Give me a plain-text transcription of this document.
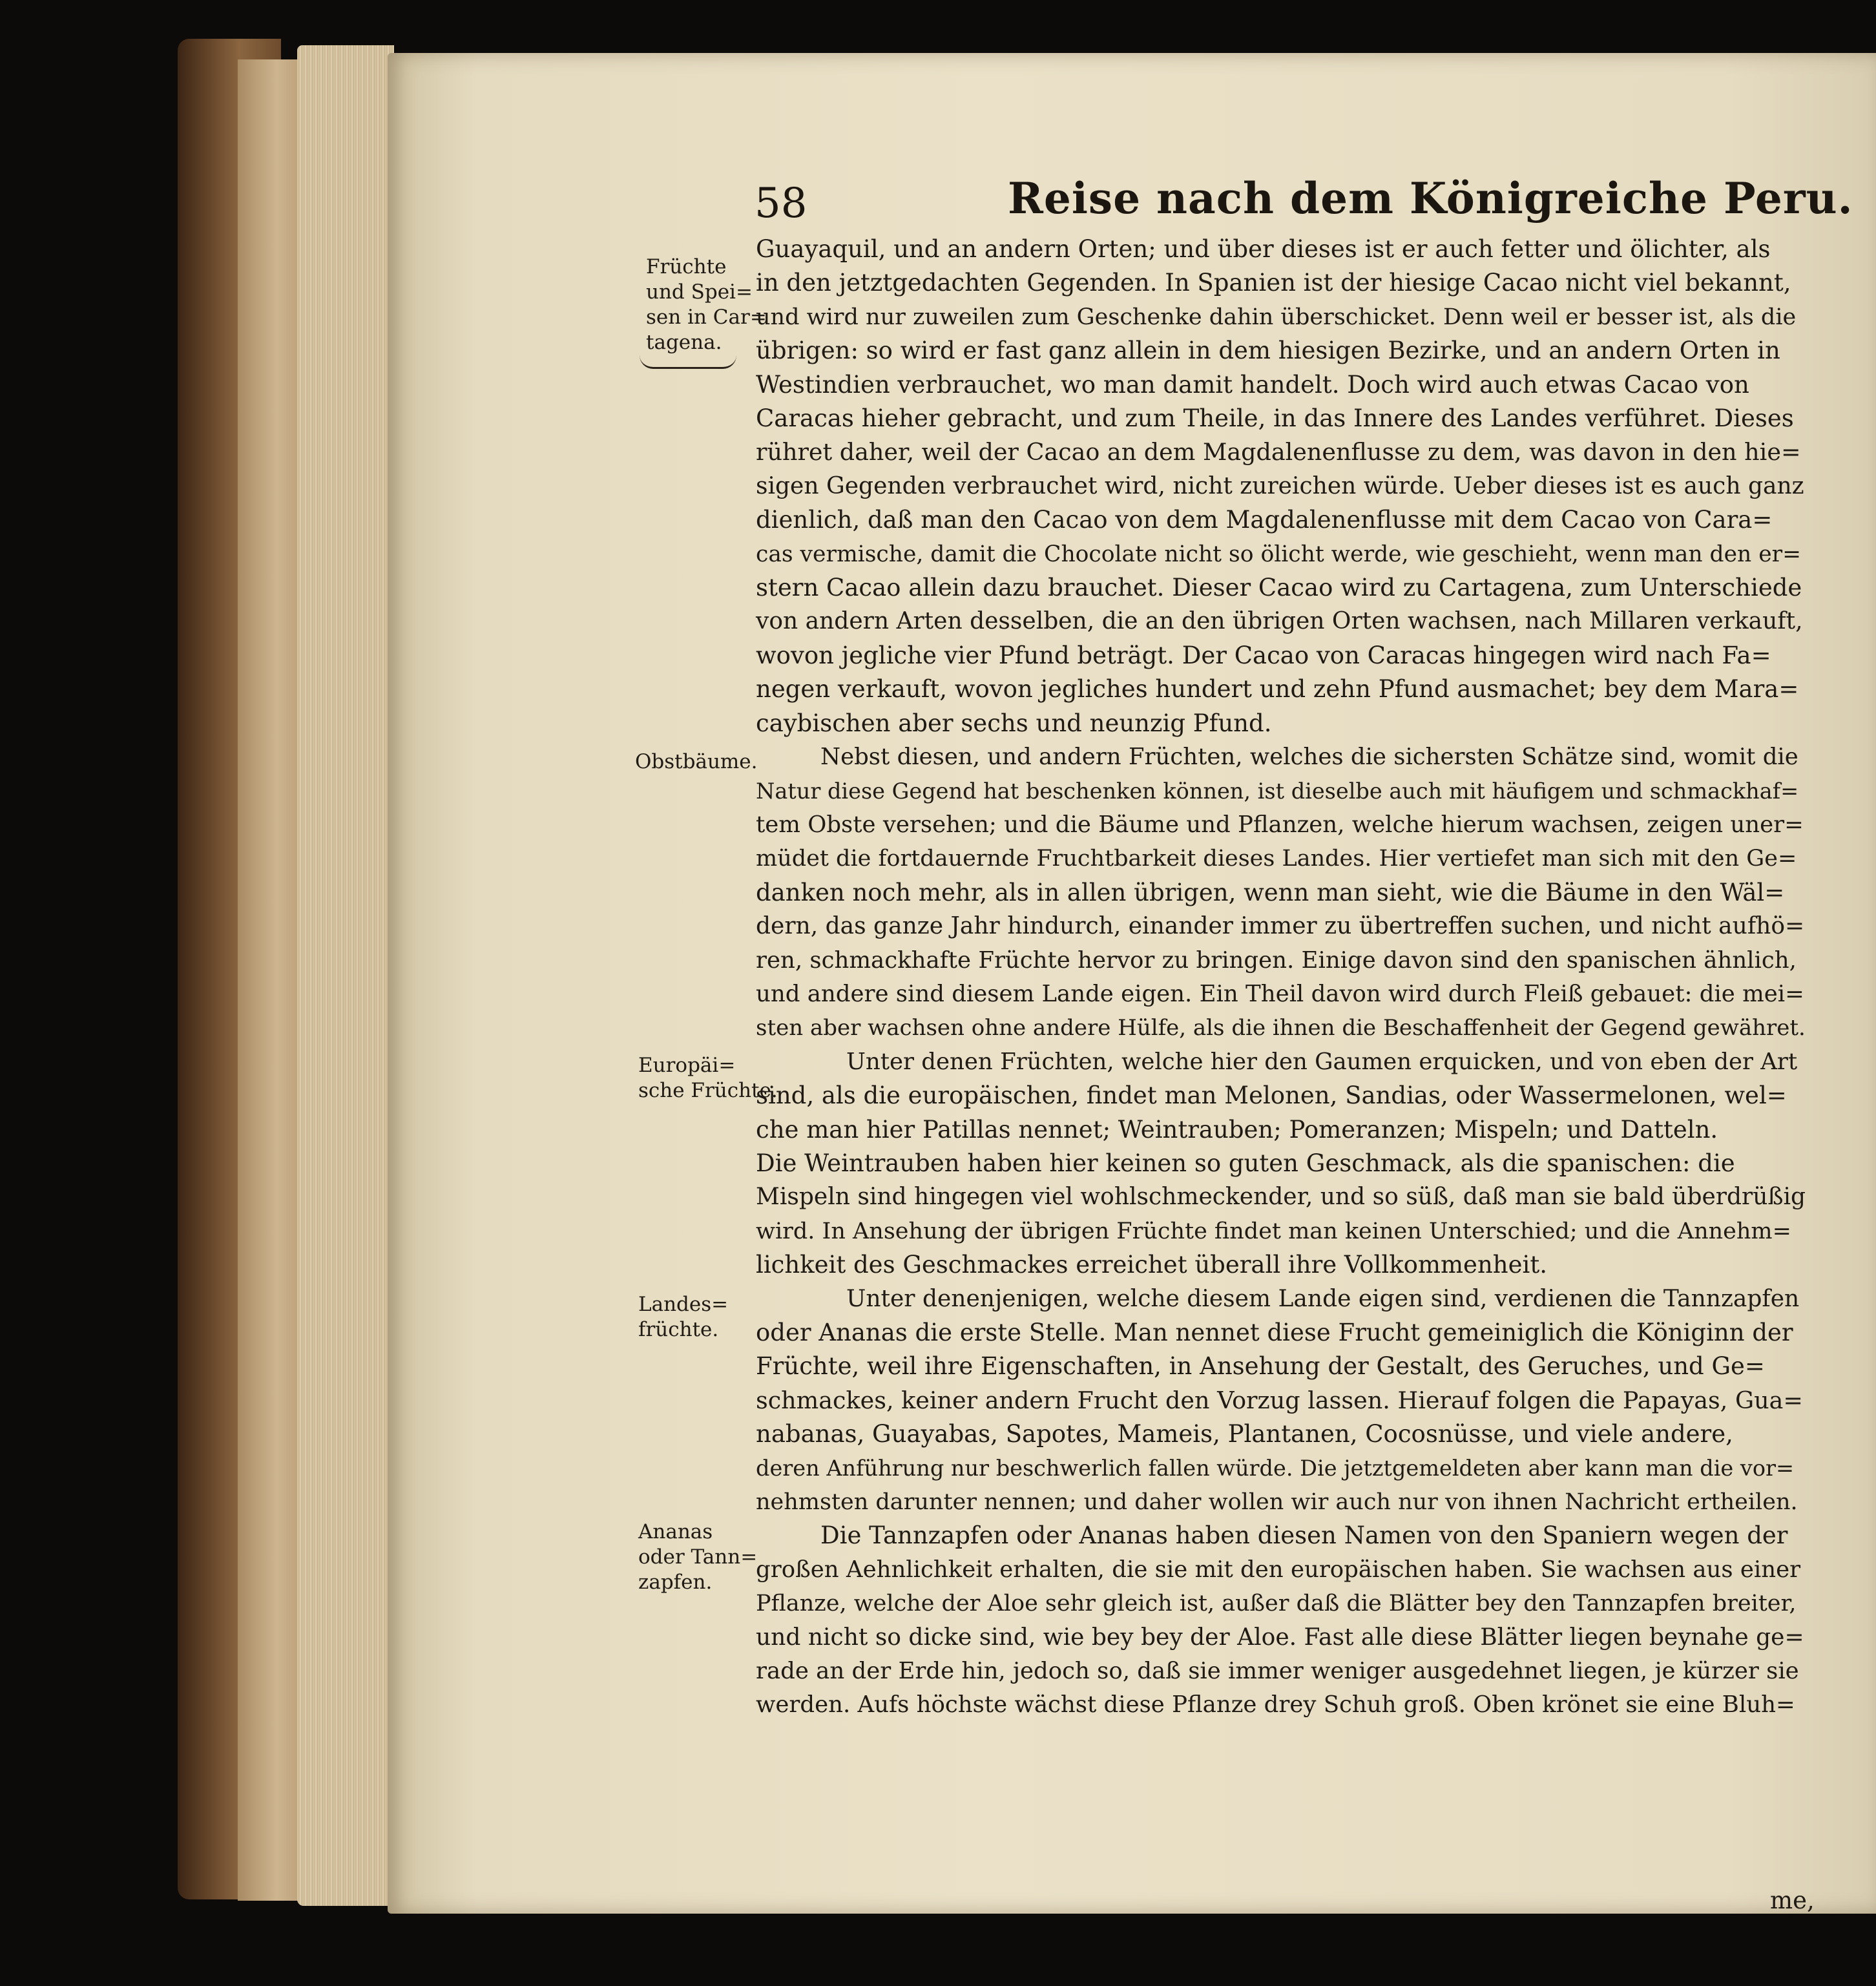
58	Reise nach dem Königreiche Peru.
Früchte
und Spei=
sen in Car=
tagena.
Obstbäume.
Europäi=
sche Früchte.
Landes=
früchte.
Ananas
oder Tann=
zapfen.

Guayaquil, und an andern Orten; und über dieses ist er auch fetter und ölichter, als
in den jetztgedachten Gegenden. In Spanien ist der hiesige Cacao nicht viel bekannt,
und wird nur zuweilen zum Geschenke dahin überschicket. Denn weil er besser ist, als die
übrigen: so wird er fast ganz allein in dem hiesigen Bezirke, und an andern Orten in
Westindien verbrauchet, wo man damit handelt. Doch wird auch etwas Cacao von
Caracas hieher gebracht, und zum Theile, in das Innere des Landes verführet. Dieses
rühret daher, weil der Cacao an dem Magdalenenflusse zu dem, was davon in den hie=
sigen Gegenden verbrauchet wird, nicht zureichen würde. Ueber dieses ist es auch ganz
dienlich, daß man den Cacao von dem Magdalenenflusse mit dem Cacao von Cara=
cas vermische, damit die Chocolate nicht so ölicht werde, wie geschieht, wenn man den er=
stern Cacao allein dazu brauchet. Dieser Cacao wird zu Cartagena, zum Unterschiede
von andern Arten desselben, die an den übrigen Orten wachsen, nach Millaren verkauft,
wovon jegliche vier Pfund beträgt. Der Cacao von Caracas hingegen wird nach Fa=
negen verkauft, wovon jegliches hundert und zehn Pfund ausmachet; bey dem Mara=
caybischen aber sechs und neunzig Pfund.

Nebst diesen, und andern Früchten, welches die sichersten Schätze sind, womit die
Natur diese Gegend hat beschenken können, ist dieselbe auch mit häufigem und schmackhaf=
tem Obste versehen; und die Bäume und Pflanzen, welche hierum wachsen, zeigen uner=
müdet die fortdauernde Fruchtbarkeit dieses Landes. Hier vertiefet man sich mit den Ge=
danken noch mehr, als in allen übrigen, wenn man sieht, wie die Bäume in den Wäl=
dern, das ganze Jahr hindurch, einander immer zu übertreffen suchen, und nicht aufhö=
ren, schmackhafte Früchte hervor zu bringen. Einige davon sind den spanischen ähnlich,
und andere sind diesem Lande eigen. Ein Theil davon wird durch Fleiß gebauet: die mei=
sten aber wachsen ohne andere Hülfe, als die ihnen die Beschaffenheit der Gegend gewähret.

Unter denen Früchten, welche hier den Gaumen erquicken, und von eben der Art
sind, als die europäischen, findet man Melonen, Sandias, oder Wassermelonen, wel=
che man hier Patillas nennet; Weintrauben; Pomeranzen; Mispeln; und Datteln.
Die Weintrauben haben hier keinen so guten Geschmack, als die spanischen: die
Mispeln sind hingegen viel wohlschmeckender, und so süß, daß man sie bald überdrüßig
wird. In Ansehung der übrigen Früchte findet man keinen Unterschied; und die Annehm=
lichkeit des Geschmackes erreichet überall ihre Vollkommenheit.

Unter denenjenigen, welche diesem Lande eigen sind, verdienen die Tannzapfen
oder Ananas die erste Stelle. Man nennet diese Frucht gemeiniglich die Königinn der
Früchte, weil ihre Eigenschaften, in Ansehung der Gestalt, des Geruches, und Ge=
schmackes, keiner andern Frucht den Vorzug lassen. Hierauf folgen die Papayas, Gua=
nabanas, Guayabas, Sapotes, Mameis, Plantanen, Cocosnüsse, und viele andere,
deren Anführung nur beschwerlich fallen würde. Die jetztgemeldeten aber kann man die vor=
nehmsten darunter nennen; und daher wollen wir auch nur von ihnen Nachricht ertheilen.

Die Tannzapfen oder Ananas haben diesen Namen von den Spaniern wegen der
großen Aehnlichkeit erhalten, die sie mit den europäischen haben. Sie wachsen aus einer
Pflanze, welche der Aloe sehr gleich ist, außer daß die Blätter bey den Tannzapfen breiter,
und nicht so dicke sind, wie bey bey der Aloe. Fast alle diese Blätter liegen beynahe ge=
rade an der Erde hin, jedoch so, daß sie immer weniger ausgedehnet liegen, je kürzer sie
werden. Aufs höchste wächst diese Pflanze drey Schuh groß. Oben krönet sie eine Bluh=

me,
